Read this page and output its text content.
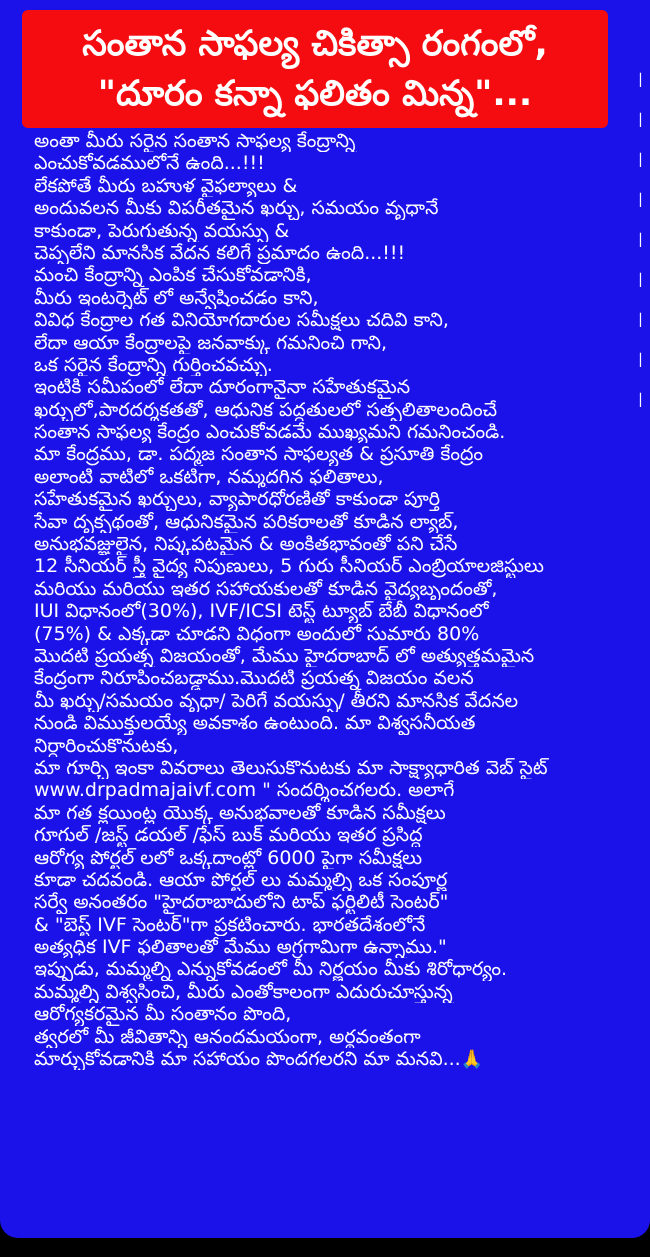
సంతాన సాఫల్య చికిత్సా రంగంలో,
"దూరం కన్నా ఫలితం మిన్న"...
అంతా మీరు సరైన సంతాన సాఫల్య కేంద్రాన్ని
ఎంచుకోవడములోనే ఉంది...!!!
లేకపోతే మీరు బహుళ వైఫల్యాలు &
అందువలన మీకు విపరీతమైన ఖర్చు, సమయం వృధానే
కాకుండా, పెరుగుతున్న వయస్సు &
చెప్పలేని మానసిక వేదన కలిగే ప్రమాదం ఉంది...!!!
మంచి కేంద్రాన్ని ఎంపిక చేసుకోవడానికి,
మీరు ఇంటర్నెట్ లో అన్వేషించడం కాని,
వివిధ కేంద్రాల గత వినియోగదారుల సమీక్షలు చదివి కాని,
లేదా ఆయా కేంద్రాలపై జనవాక్కు గమనించి గాని,
ఒక సరైన కేంద్రాన్ని గుర్తించవచ్చు.
ఇంటికి సమీపంలో లేదా దూరంగానైనా సహేతుకమైన
ఖర్చులో,పారదర్శకతతో, ఆధునిక పద్ధతులలో సత్ఫలితాలందించే
సంతాన సాఫల్య కేంద్రం ఎంచుకోవడమే ముఖ్యమని గమనించండి.
మా కేంద్రము, డా. పద్మజ సంతాన సాఫల్యత & ప్రసూతి కేంద్రం
అలాంటి వాటిలో ఒకటిగా, నమ్మదగిన ఫలితాలు,
సహేతుకమైన ఖర్చులు, వ్యాపారధోరణితో కాకుండా పూర్తి
సేవా దృక్పథంతో, ఆధునికమైన పరికరాలతో కూడిన ల్యాబ్,
అనుభవజ్ఞులైన, నిష్కపటమైన & అంకితభావంతో పని చేసే
12 సీనియర్ స్త్రీ వైద్య నిపుణులు, 5 గురు సీనియర్ ఎంబ్రియాలజిస్టులు
మరియు మరియు ఇతర సహాయకులతో కూడిన వైద్యబృందంతో,
IUI విధానంలో(30%), IVF/ICSI టెస్ట్ ట్యూబ్ బేబీ విధానంలో
(75%) & ఎక్కడా చూడని విధంగా అందులో సుమారు 80%
మొదటి ప్రయత్న విజయంతో, మేము హైదరాబాద్ లో అత్యుత్తమమైన
కేంద్రంగా నిరూపించబడ్డాము.మొదటి ప్రయత్న విజయం వలన
మీ ఖర్చు/సమయం వృధా/ పెరిగే వయస్సు/ తీరని మానసిక వేదనల
నుండి విముక్తులయ్యే అవకాశం ఉంటుంది. మా విశ్వసనీయత
నిర్ధారించుకొనుటకు,
మా గూర్చి ఇంకా వివరాలు తెలుసుకొనుటకు మా సాక్ష్యాధారిత వెబ్ సైట్
www.drpadmajaivf.com " సందర్శించగలరు. అలాగే
మా గత క్లయింట్ల యొక్క అనుభవాలతో కూడిన సమీక్షలు
గూగుల్ /జస్ట్ డయల్ /ఫేస్ బుక్ మరియు ఇతర ప్రసిద్ధ
ఆరోగ్య పోర్టల్ లలో ఒక్కదాంట్లో 6000 పైగా సమీక్షలు
కూడా చదవండి. ఆయా పోర్టల్ లు మమ్మల్ని ఒక సంపూర్ణ
సర్వే అనంతరం "హైదరాబాదులోని టాప్ ఫర్టిలిటీ సెంటర్"
& "బెస్ట్ IVF సెంటర్"గా ప్రకటించారు. భారతదేశంలోనే
అత్యధిక IVF ఫలితాలతో మేము అగ్రగామిగా ఉన్నాము."
ఇప్పుడు, మమ్మల్ని ఎన్నుకోవడంలో మీ నిర్ణయం మీకు శిరోధార్యం.
మమ్మల్ని విశ్వసించి, మీరు ఎంతోకాలంగా ఎదురుచూస్తున్న
ఆరోగ్యకరమైన మీ సంతానం పొంది,
త్వరలో మీ జీవితాన్ని ఆనందమయంగా, అర్థవంతంగా
మార్చుకోవడానికి మా సహాయం పొందగలరని మా మనవి...🙏
▏
▏
▏
▏
▏
▏
▏
▏
▏
